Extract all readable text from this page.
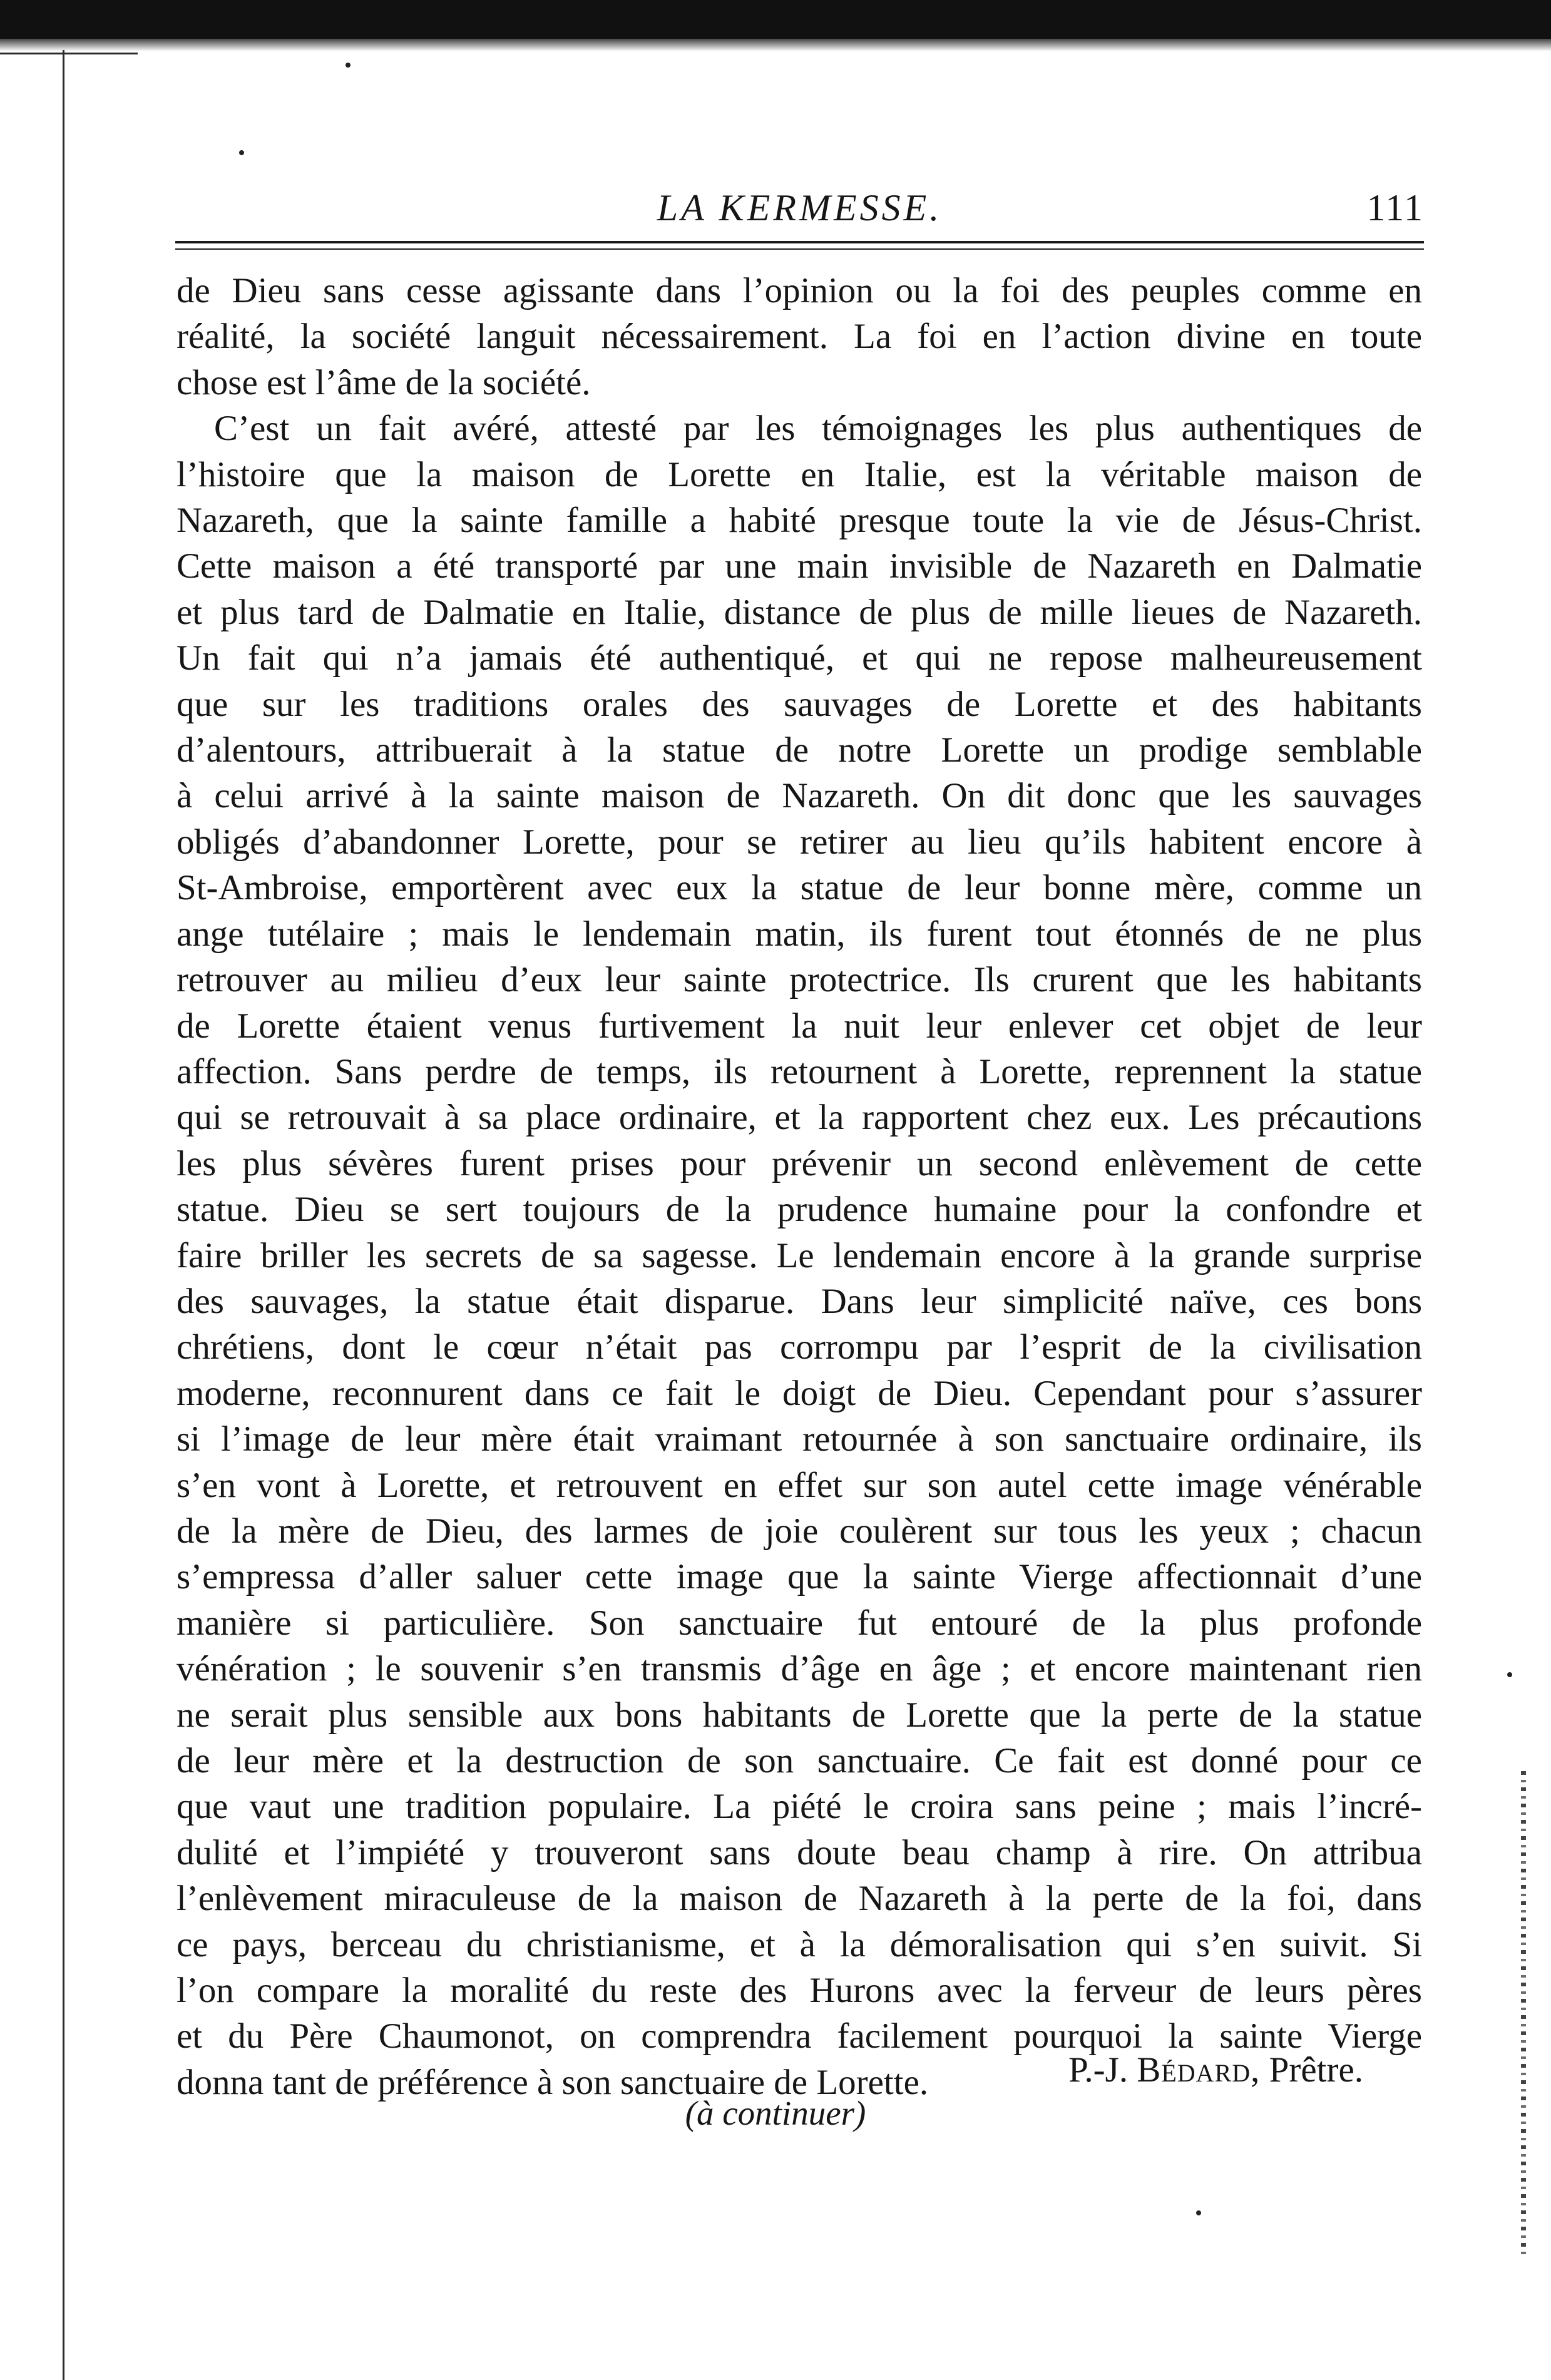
LA KERMESSE.	111
de Dieu sans cesse agissante dans l’opinion ou la foi des peuples comme en
réalité, la société languit nécessairement. La foi en l’action divine en toute
chose est l’âme de la société.
C’est un fait avéré, attesté par les témoignages les plus authentiques de
l’histoire que la maison de Lorette en Italie, est la véritable maison de
Nazareth, que la sainte famille a habité presque toute la vie de Jésus-Christ.
Cette maison a été transporté par une main invisible de Nazareth en Dalmatie
et plus tard de Dalmatie en Italie, distance de plus de mille lieues de Nazareth.
Un fait qui n’a jamais été authentiqué, et qui ne repose malheureusement
que sur les traditions orales des sauvages de Lorette et des habitants
d’alentours, attribuerait à la statue de notre Lorette un prodige semblable
à celui arrivé à la sainte maison de Nazareth. On dit donc que les sauvages
obligés d’abandonner Lorette, pour se retirer au lieu qu’ils habitent encore à
St-Ambroise, emportèrent avec eux la statue de leur bonne mère, comme un
ange tutélaire ; mais le lendemain matin, ils furent tout étonnés de ne plus
retrouver au milieu d’eux leur sainte protectrice. Ils crurent que les habitants
de Lorette étaient venus furtivement la nuit leur enlever cet objet de leur
affection. Sans perdre de temps, ils retournent à Lorette, reprennent la statue
qui se retrouvait à sa place ordinaire, et la rapportent chez eux. Les précautions
les plus sévères furent prises pour prévenir un second enlèvement de cette
statue. Dieu se sert toujours de la prudence humaine pour la confondre et
faire briller les secrets de sa sagesse. Le lendemain encore à la grande surprise
des sauvages, la statue était disparue. Dans leur simplicité naïve, ces bons
chrétiens, dont le cœur n’était pas corrompu par l’esprit de la civilisation
moderne, reconnurent dans ce fait le doigt de Dieu. Cependant pour s’assurer
si l’image de leur mère était vraimant retournée à son sanctuaire ordinaire, ils
s’en vont à Lorette, et retrouvent en effet sur son autel cette image vénérable
de la mère de Dieu, des larmes de joie coulèrent sur tous les yeux ; chacun
s’empressa d’aller saluer cette image que la sainte Vierge affectionnait d’une
manière si particulière. Son sanctuaire fut entouré de la plus profonde
vénération ; le souvenir s’en transmis d’âge en âge ; et encore maintenant rien
ne serait plus sensible aux bons habitants de Lorette que la perte de la statue
de leur mère et la destruction de son sanctuaire. Ce fait est donné pour ce
que vaut une tradition populaire. La piété le croira sans peine ; mais l’incré-
dulité et l’impiété y trouveront sans doute beau champ à rire. On attribua
l’enlèvement miraculeuse de la maison de Nazareth à la perte de la foi, dans
ce pays, berceau du christianisme, et à la démoralisation qui s’en suivit. Si
l’on compare la moralité du reste des Hurons avec la ferveur de leurs pères
et du Père Chaumonot, on comprendra facilement pourquoi la sainte Vierge
donna tant de préférence à son sanctuaire de Lorette.	P.-J. Bédard, Prêtre.
(à continuer)
